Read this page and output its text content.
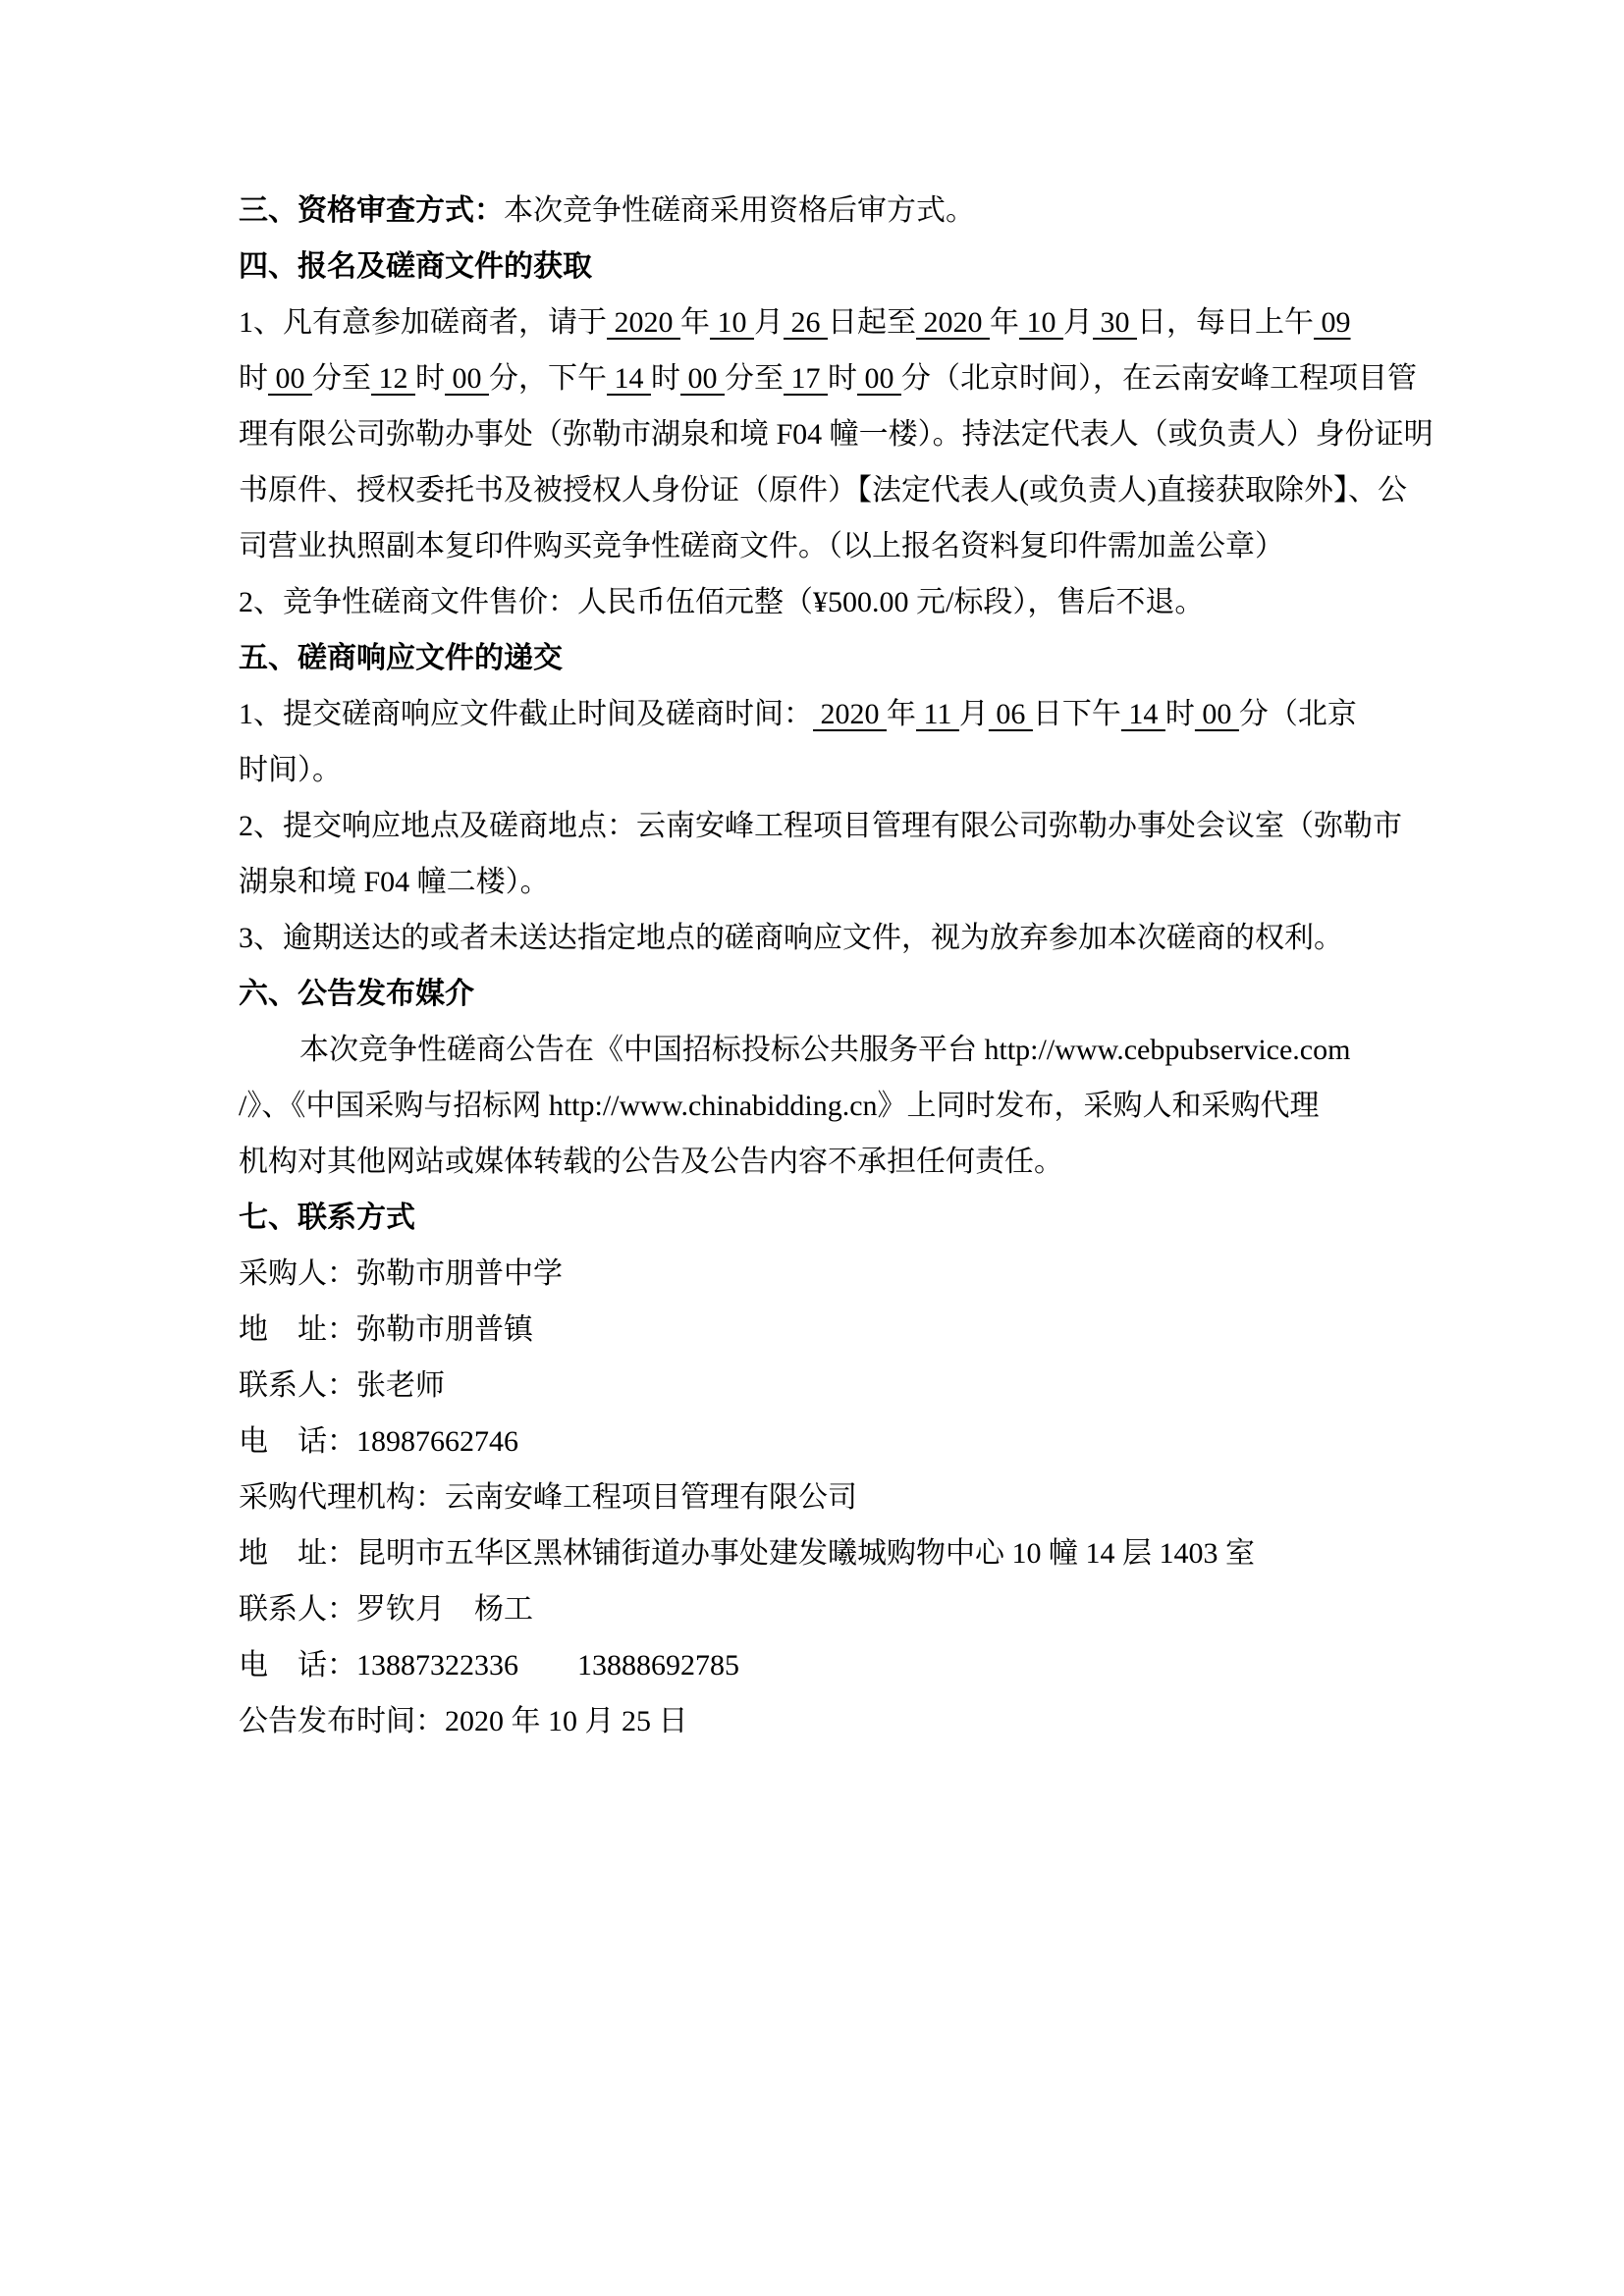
三、资格审查方式：本次竞争性磋商采用资格后审方式。
四、报名及磋商文件的获取
1、凡有意参加磋商者，请于 2020 年 10 月 26 日起至 2020 年 10 月 30 日，每日上午 09
时 00 分至 12 时 00 分，下午 14 时 00 分至 17 时 00 分（北京时间），在云南安峰工程项目管
理有限公司弥勒办事处（弥勒市湖泉和境 F04 幢一楼）。持法定代表人（或负责人）身份证明
书原件、授权委托书及被授权人身份证（原件）【法定代表人(或负责人)直接获取除外】、公
司营业执照副本复印件购买竞争性磋商文件。（以上报名资料复印件需加盖公章）
2、竞争性磋商文件售价：人民币伍佰元整（¥500.00 元/标段），售后不退。
五、磋商响应文件的递交
1、提交磋商响应文件截止时间及磋商时间： 2020 年 11 月 06 日下午 14 时 00 分（北京
时间）。
2、提交响应地点及磋商地点：云南安峰工程项目管理有限公司弥勒办事处会议室（弥勒市
湖泉和境 F04 幢二楼）。
3、逾期送达的或者未送达指定地点的磋商响应文件，视为放弃参加本次磋商的权利。
六、公告发布媒介
本次竞争性磋商公告在《中国招标投标公共服务平台 http://www.cebpubservice.com
/》、《中国采购与招标网 http://www.chinabidding.cn》上同时发布，采购人和采购代理
机构对其他网站或媒体转载的公告及公告内容不承担任何责任。
七、联系方式
采购人：弥勒市朋普中学
地　址：弥勒市朋普镇
联系人：张老师
电　话：18987662746
采购代理机构：云南安峰工程项目管理有限公司
地　址：昆明市五华区黑林铺街道办事处建发曦城购物中心 10 幢 14 层 1403 室
联系人：罗钦月　杨工
电　话：13887322336　　13888692785
公告发布时间：2020 年 10 月 25 日
